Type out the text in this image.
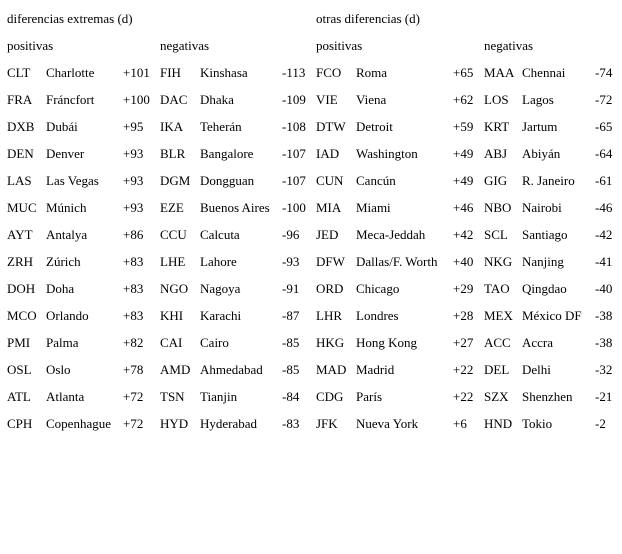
diferencias extremas (d)	otras diferencias (d)
positivas	negativas	positivas	negativas
CLT Charlotte +101 FIH Kinshasa	-113 FCO Roma	+65 MAA Chennai -74
FRA Fráncfort +100 DAC Dhaka	-109 VIE Viena	+62 LOS Lagos	-72
DXB Dubái	+95 IKA Teherán	-108 DTW Detroit	+59 KRT Jartum	-65
DEN Denver	+93 BLR Bangalore -107 IAD Washington	+49 ABJ Abiyán	-64
LAS Las Vegas +93 DGM Dongguan -107 CUN Cancún	+49 GIG R. Janeiro -61
MUC Múnich	+93 EZE Buenos Aires -100 MIA Miami	+46 NBO Nairobi	-46
AYT Antalya	+86 CCU Calcuta	-96 JED Meca-Jeddah +42 SCL Santiago -42
ZRH Zúrich	+83 LHE Lahore	-93 DFW Dallas/F. Worth +40 NKG Nanjing -41
DOH Doha	+83 NGO Nagoya	-91 ORD Chicago	+29 TAO Qingdao -40
MCO Orlando	+83 KHI Karachi	-87 LHR Londres	+28 MEX México DF -38
PMI Palma	+82 CAI Cairo	-85 HKG Hong Kong	+27 ACC Accra	-38
OSL Oslo	+78 AMD Ahmedabad -85 MAD Madrid	+22 DEL Delhi	-32
ATL Atlanta	+72 TSN Tianjin	-84 CDG París	+22 SZX Shenzhen -21
CPH Copenhague +72 HYD Hyderabad -83 JFK Nueva York	+6 HND Tokio	-2
